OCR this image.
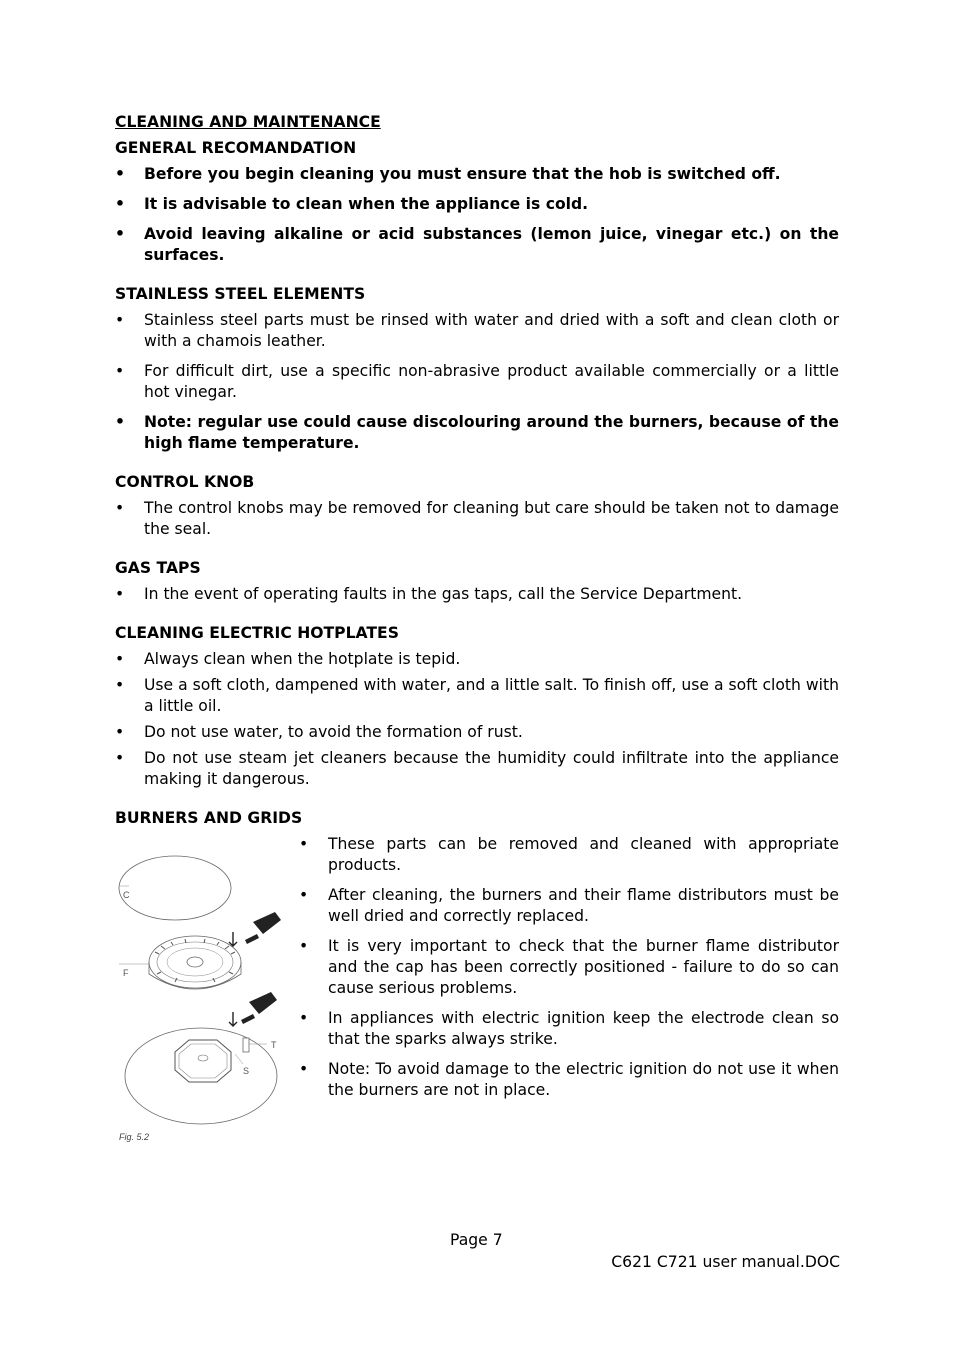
CLEANING AND MAINTENANCE

GENERAL RECOMANDATION

• Before you begin cleaning you must ensure that the hob is switched off.
• It is advisable to clean when the appliance is cold.
• Avoid leaving alkaline or acid substances (lemon juice, vinegar etc.) on the surfaces.

STAINLESS STEEL ELEMENTS

• Stainless steel parts must be rinsed with water and dried with a soft and clean cloth or with a chamois leather.
• For difficult dirt, use a specific non-abrasive product available commercially or a little hot vinegar.
• Note: regular use could cause discolouring around the burners, because of the high flame temperature.

CONTROL KNOB

• The control knobs may be removed for cleaning but care should be taken not to damage the seal.

GAS TAPS

• In the event of operating faults in the gas taps, call the Service Department.

CLEANING ELECTRIC HOTPLATES

• Always clean when the hotplate is tepid.
• Use a soft cloth, dampened with water, and a little salt. To finish off, use a soft cloth with a little oil.
• Do not use water, to avoid the formation of rust.
• Do not use steam jet cleaners because the humidity could infiltrate into the appliance making it dangerous.

BURNERS AND GRIDS

C
F
T
S
Fig. 5.2
• These parts can be removed and cleaned with appropriate products.
• After cleaning, the burners and their flame distributors must be well dried and correctly replaced.
• It is very important to check that the burner flame distributor and the cap has been correctly positioned - failure to do so can cause serious problems.
• In appliances with electric ignition keep the electrode clean so that the sparks always strike.
• Note: To avoid damage to the electric ignition do not use it when the burners are not in place.
Page 7
C621 C721 user manual.DOC
